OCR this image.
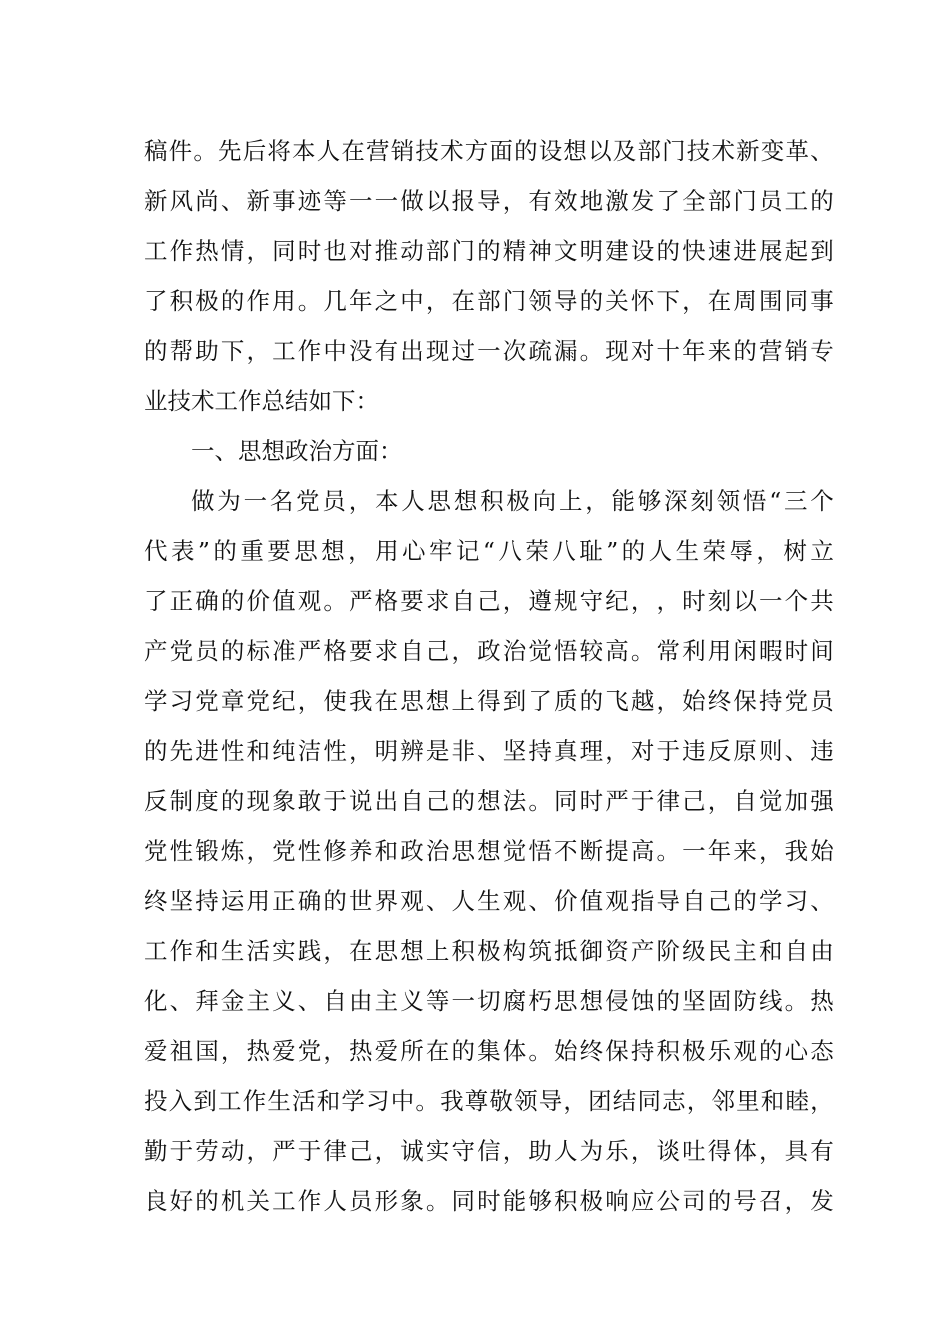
稿 件 。 先 后 将 本 人 在 营 销 技 术 方 面 的 设 想 以 及 部 门 技 术 新 变 革 、
新 风 尚 、 新 事 迹 等 一 一 做 以 报 导 ， 有 效 地 激 发 了 全 部 门 员 工 的
工 作 热 情 ， 同 时 也 对 推 动 部 门 的 精 神 文 明 建 设 的 快 速 进 展 起 到
了 积 极 的 作 用 。 几 年 之 中 ， 在 部 门 领 导 的 关 怀 下 ， 在 周 围 同 事
的 帮 助 下 ， 工 作 中 没 有 出 现 过 一 次 疏 漏 。 现 对 十 年 来 的 营 销 专
业 技 术 工 作 总 结 如 下 ：
一 、 思 想 政 治 方 面 ：
做 为 一 名 党 员 ， 本 人 思 想 积 极 向 上 ， 能 够 深 刻 领 悟 “ 三 个
代 表 ” 的 重 要 思 想 ， 用 心 牢 记 “ 八 荣 八 耻 ” 的 人 生 荣 辱 ， 树 立
了 正 确 的 价 值 观 。 严 格 要 求 自 己 ， 遵 规 守 纪 ， ， 时 刻 以 一 个 共
产 党 员 的 标 准 严 格 要 求 自 己 ， 政 治 觉 悟 较 高 。 常 利 用 闲 暇 时 间
学 习 党 章 党 纪 ， 使 我 在 思 想 上 得 到 了 质 的 飞 越 ， 始 终 保 持 党 员
的 先 进 性 和 纯 洁 性 ， 明 辨 是 非 、 坚 持 真 理 ， 对 于 违 反 原 则 、 违
反 制 度 的 现 象 敢 于 说 出 自 己 的 想 法 。 同 时 严 于 律 己 ， 自 觉 加 强
党 性 锻 炼 ， 党 性 修 养 和 政 治 思 想 觉 悟 不 断 提 高 。 一 年 来 ， 我 始
终 坚 持 运 用 正 确 的 世 界 观 、 人 生 观 、 价 值 观 指 导 自 己 的 学 习 、
工 作 和 生 活 实 践 ， 在 思 想 上 积 极 构 筑 抵 御 资 产 阶 级 民 主 和 自 由
化 、 拜 金 主 义 、 自 由 主 义 等 一 切 腐 朽 思 想 侵 蚀 的 坚 固 防 线 。 热
爱 祖 国 ， 热 爱 党 ， 热 爱 所 在 的 集 体 。 始 终 保 持 积 极 乐 观 的 心 态
投 入 到 工 作 生 活 和 学 习 中 。 我 尊 敬 领 导 ， 团 结 同 志 ， 邻 里 和 睦 ，
勤 于 劳 动 ， 严 于 律 己 ， 诚 实 守 信 ， 助 人 为 乐 ， 谈 吐 得 体 ， 具 有
良 好 的 机 关 工 作 人 员 形 象 。 同 时 能 够 积 极 响 应 公 司 的 号 召 ， 发
